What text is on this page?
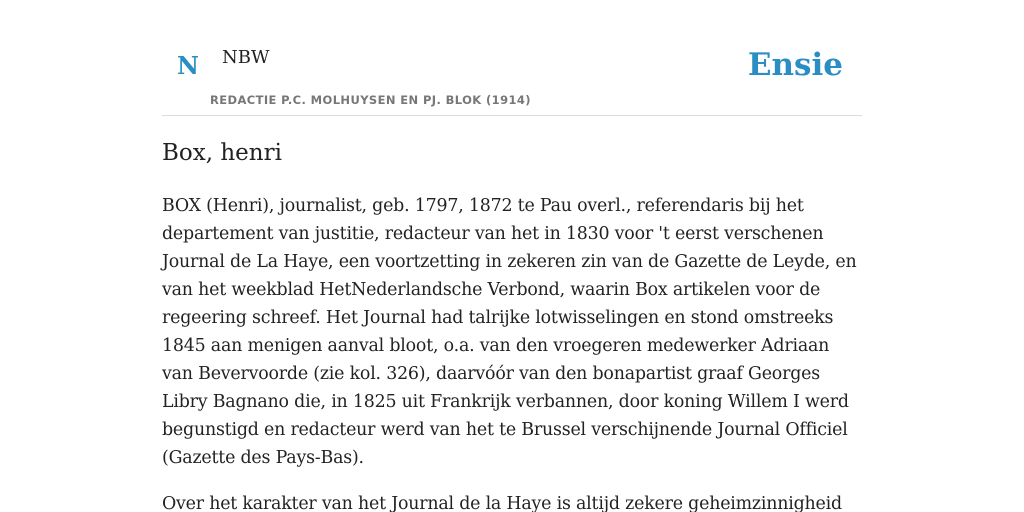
N NBW
REDACTIE P.C. MOLHUYSEN EN PJ. BLOK (1914)
Ensie
Box, henri

BOX (Henri), journalist, geb. 1797, 1872 te Pau overl., referendaris bij het departement van justitie, redacteur van het in 1830 voor 't eerst verschenen Journal de La Haye, een voortzetting in zekeren zin van de Gazette de Leyde, en van het weekblad HetNederlandsche Verbond, waarin Box artikelen voor de regeering schreef. Het Journal had talrijke lotwisselingen en stond omstreeks 1845 aan menigen aanval bloot, o.a. van den vroegeren medewerker Adriaan van Bevervoorde (zie kol. 326), daarvóór van den bonapartist graaf Georges Libry Bagnano die, in 1825 uit Frankrijk verbannen, door koning Willem I werd begunstigd en redacteur werd van het te Brussel verschijnende Journal Officiel (Gazette des Pays-Bas).

Over het karakter van het Journal de la Haye is altijd zekere geheimzinnigheid
